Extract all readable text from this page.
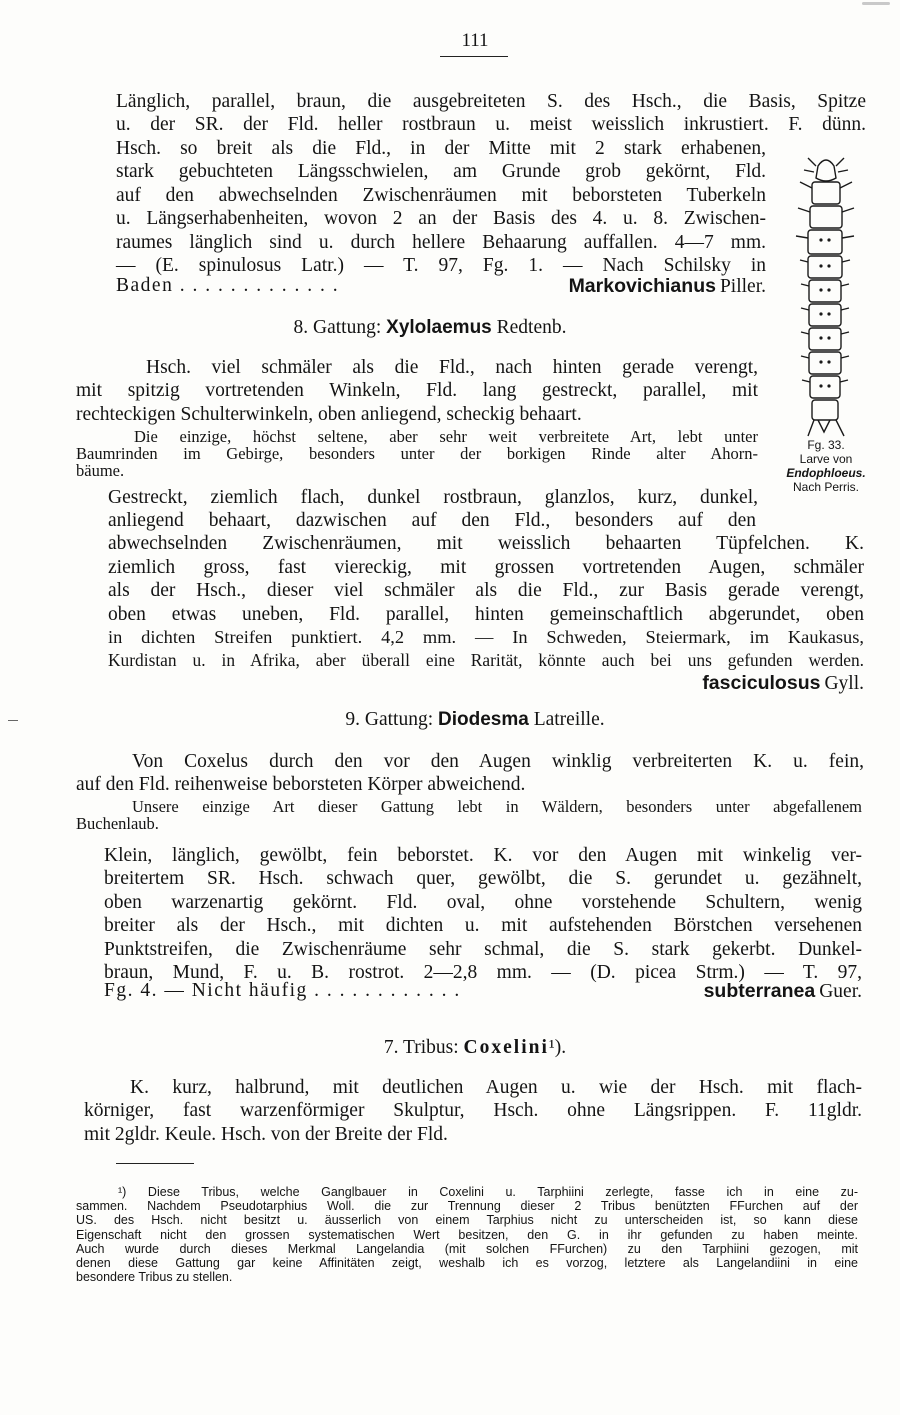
111
Länglich, parallel, braun, die ausgebreiteten S. des Hsch., die Basis, Spitze
u. der SR. der Fld. heller rostbraun u. meist weisslich inkrustiert. F. dünn.
Hsch. so breit als die Fld., in der Mitte mit 2 stark erhabenen,
stark gebuchteten Längsschwielen, am Grunde grob gekörnt, Fld.
auf den abwechselnden Zwischenräumen mit beborsteten Tuberkeln
u. Längserhabenheiten, wovon 2 an der Basis des 4. u. 8. Zwischen-
raumes länglich sind u. durch hellere Behaarung auffallen. 4—7 mm.
— (E. spinulosus Latr.) — T. 97, Fg. 1. — Nach Schilsky in
Baden . . . . . . . . . . . . .	Markovichianus Piller.
8. Gattung: Xylolaemus Redtenb.
Hsch. viel schmäler als die Fld., nach hinten gerade verengt,
mit spitzig vortretenden Winkeln, Fld. lang gestreckt, parallel, mit
rechteckigen Schulterwinkeln, oben anliegend, scheckig behaart.
Die einzige, höchst seltene, aber sehr weit verbreitete Art, lebt unter
Baumrinden im Gebirge, besonders unter der borkigen Rinde alter Ahorn-
bäume.
Fg. 33.
Larve von
Endophloeus.
Nach Perris.
Gestreckt, ziemlich flach, dunkel rostbraun, glanzlos, kurz, dunkel,
anliegend behaart, dazwischen auf den Fld., besonders auf den
abwechselnden Zwischenräumen, mit weisslich behaarten Tüpfelchen. K.
ziemlich gross, fast viereckig, mit grossen vortretenden Augen, schmäler
als der Hsch., dieser viel schmäler als die Fld., zur Basis gerade verengt,
oben etwas uneben, Fld. parallel, hinten gemeinschaftlich abgerundet, oben
in dichten Streifen punktiert. 4,2 mm. — In Schweden, Steiermark, im Kaukasus,
Kurdistan u. in Afrika, aber überall eine Rarität, könnte auch bei uns gefunden werden.
fasciculosus Gyll.
9. Gattung: Diodesma Latreille.
Von Coxelus durch den vor den Augen winklig verbreiterten K. u. fein,
auf den Fld. reihenweise beborsteten Körper abweichend.
Unsere einzige Art dieser Gattung lebt in Wäldern, besonders unter abgefallenem
Buchenlaub.
Klein, länglich, gewölbt, fein beborstet. K. vor den Augen mit winkelig ver-
breitertem SR. Hsch. schwach quer, gewölbt, die S. gerundet u. gezähnelt,
oben warzenartig gekörnt. Fld. oval, ohne vorstehende Schultern, wenig
breiter als der Hsch., mit dichten u. mit aufstehenden Börstchen versehenen
Punktstreifen, die Zwischenräume sehr schmal, die S. stark gekerbt. Dunkel-
braun, Mund, F. u. B. rostrot. 2—2,8 mm. — (D. picea Strm.) — T. 97,
Fg. 4. — Nicht häufig . . . . . . . . . . . .	subterranea Guer.
7. Tribus: Coxelini¹).
K. kurz, halbrund, mit deutlichen Augen u. wie der Hsch. mit flach-
körniger, fast warzenförmiger Skulptur, Hsch. ohne Längsrippen. F. 11gldr.
mit 2gldr. Keule. Hsch. von der Breite der Fld.
¹) Diese Tribus, welche Ganglbauer in Coxelini u. Tarphiini zerlegte, fasse ich in eine zu-
sammen. Nachdem Pseudotarphius Woll. die zur Trennung dieser 2 Tribus benützten FFurchen auf der
US. des Hsch. nicht besitzt u. äusserlich von einem Tarphius nicht zu unterscheiden ist, so kann diese
Eigenschaft nicht den grossen systematischen Wert besitzen, den G. in ihr gefunden zu haben meinte.
Auch wurde durch dieses Merkmal Langelandia (mit solchen FFurchen) zu den Tarphiini gezogen, mit
denen diese Gattung gar keine Affinitäten zeigt, weshalb ich es vorzog, letztere als Langelandiini in eine
besondere Tribus zu stellen.
